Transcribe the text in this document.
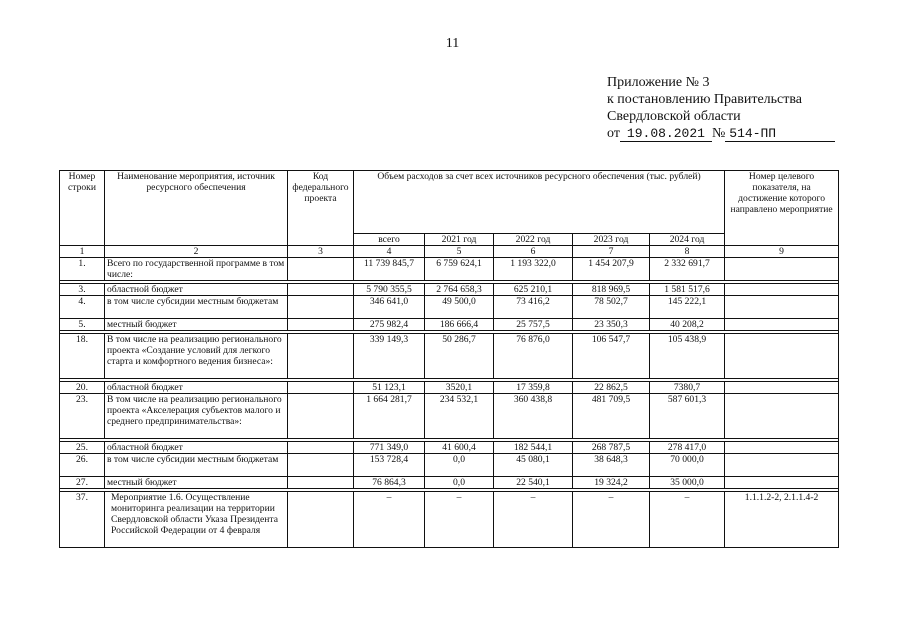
11
Приложение № 3
к постановлению Правительства
Свердловской области
от 19.08.2021 № 514-ПП
Номер строки	Наименование мероприятия, источник ресурсного обеспечения	Код федерального проекта	Объем расходов за счет всех источников ресурсного обеспечения (тыс. рублей)					Номер целевого показателя, на достижение которого направлено мероприятие
			всего	2021 год	2022 год	2023 год	2024 год	
1	2	3	4	5	6	7	8	9
1.	Всего по государственной программе в том числе:		11 739 845,7	6 759 624,1	1 193 322,0	1 454 207,9	2 332 691,7	

3.	областной бюджет		5 790 355,5	2 764 658,3	625 210,1	818 969,5	1 581 517,6	
4.	в том числе субсидии местным бюджетам		346 641,0	49 500,0	73 416,2	78 502,7	145 222,1	
5.	местный бюджет		275 982,4	186 666,4	25 757,5	23 350,3	40 208,2	

18.	В том числе на реализацию регионального проекта «Создание условий для легкого старта и комфортного ведения бизнеса»:		339 149,3	50 286,7	76 876,0	106 547,7	105 438,9	

20.	областной бюджет		51 123,1	3520,1	17 359,8	22 862,5	7380,7	
23.	В том числе на реализацию регионального проекта «Акселерация субъектов малого и среднего предпринимательства»:		1 664 281,7	234 532,1	360 438,8	481 709,5	587 601,3	

25.	областной бюджет		771 349,0	41 600,4	182 544,1	268 787,5	278 417,0	
26.	в том числе субсидии местным бюджетам		153 728,4	0,0	45 080,1	38 648,3	70 000,0	
27.	местный бюджет		76 864,3	0,0	22 540,1	19 324,2	35 000,0	

37.	Мероприятие 1.6. Осуществление мониторинга реализации на территории Свердловской области Указа Президента Российской Федерации от 4 февраля		–	–	–	–	–	1.1.1.2-2, 2.1.1.4-2
